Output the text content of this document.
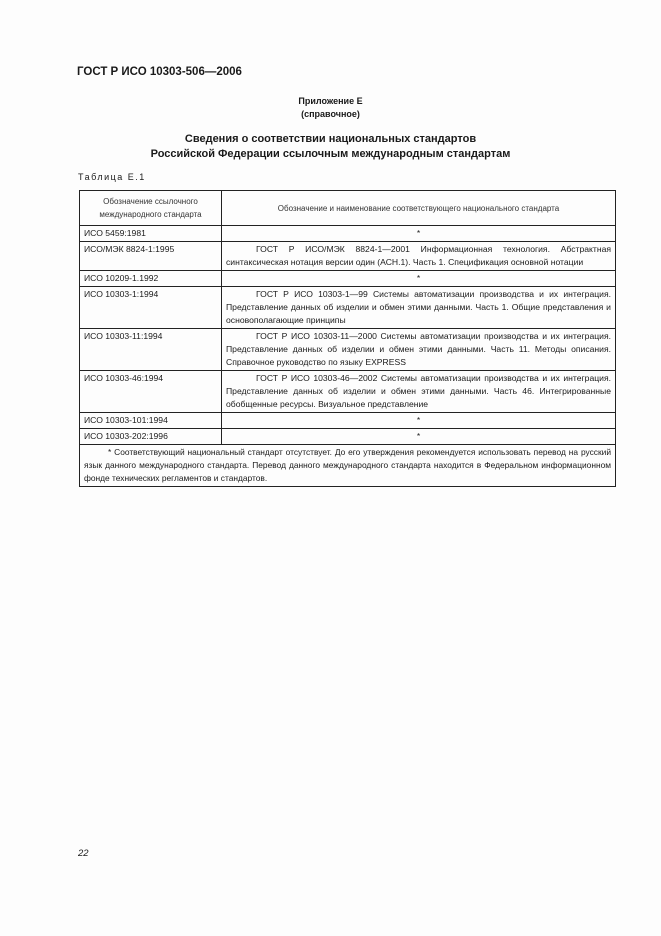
ГОСТ Р ИСО 10303-506—2006
Приложение Е
(справочное)
Сведения о соответствии национальных стандартов
Российской Федерации ссылочным международным стандартам
Таблица Е.1
Обозначение ссылочного международного стандарта	Обозначение и наименование соответствующего национального стандарта
ИСО 5459:1981	*
ИСО/МЭК 8824-1:1995	ГОСТ Р ИСО/МЭК 8824-1—2001 Информационная технология. Абстрактная синтаксическая нотация версии один (АСН.1). Часть 1. Спецификация основной нотации
ИСО 10209-1.1992	*
ИСО 10303-1:1994	ГОСТ Р ИСО 10303-1—99 Системы автоматизации производства и их интеграция. Представление данных об изделии и обмен этими данными. Часть 1. Общие представления и основополагающие принципы
ИСО 10303-11:1994	ГОСТ Р ИСО 10303-11—2000 Системы автоматизации производства и их интеграция. Представление данных об изделии и обмен этими данными. Часть 11. Методы описания. Справочное руководство по языку EXPRESS
ИСО 10303-46:1994	ГОСТ Р ИСО 10303-46—2002 Системы автоматизации производства и их интеграция. Представление данных об изделии и обмен этими данными. Часть 46. Интегрированные обобщенные ресурсы. Визуальное представление
ИСО 10303-101:1994	*
ИСО 10303-202:1996	*
* Соответствующий национальный стандарт отсутствует. До его утверждения рекомендуется использовать перевод на русский язык данного международного стандарта. Перевод данного международного стандарта находится в Федеральном информационном фонде технических регламентов и стандартов.	
22
